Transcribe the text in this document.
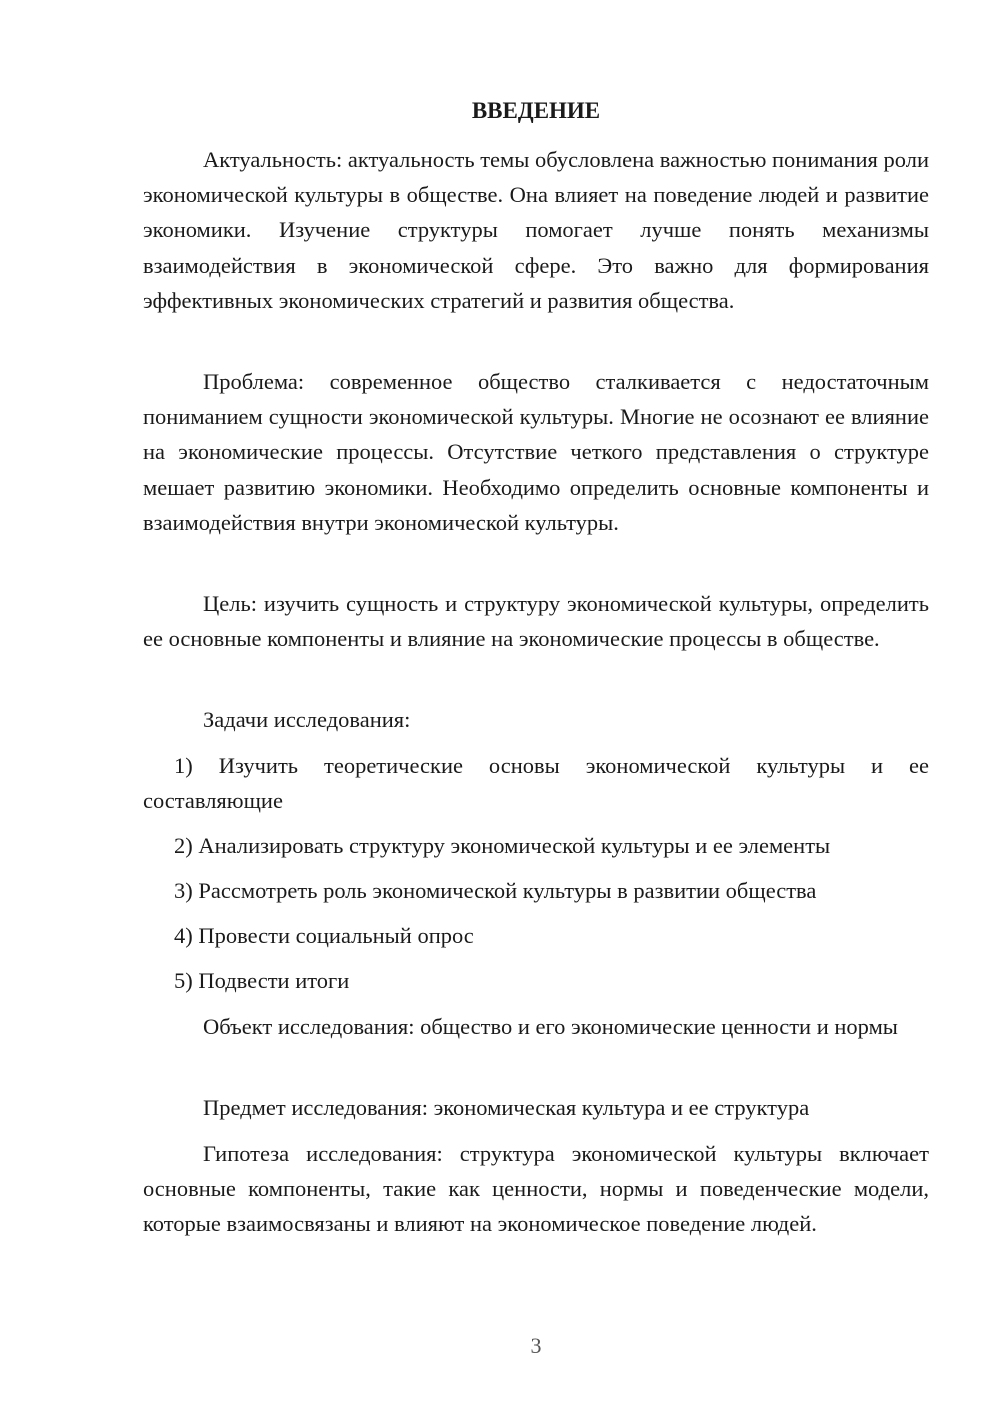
ВВЕДЕНИЕ

Актуальность: актуальность темы обусловлена важностью понимания роли экономической культуры в обществе. Она влияет на поведение людей и развитие экономики. Изучение структуры помогает лучше понять механизмы взаимодействия в экономической сфере. Это важно для формирования эффективных экономических стратегий и развития общества.

Проблема: современное общество сталкивается с недостаточным пониманием сущности экономической культуры. Многие не осознают ее влияние на экономические процессы. Отсутствие четкого представления о структуре мешает развитию экономики. Необходимо определить основные компоненты и взаимодействия внутри экономической культуры.

Цель: изучить сущность и структуру экономической культуры, определить ее основные компоненты и влияние на экономические процессы в обществе.

Задачи исследования:

1) Изучить теоретические основы экономической культуры и ее составляющие

2) Анализировать структуру экономической культуры и ее элементы

3) Рассмотреть роль экономической культуры в развитии общества

4) Провести социальный опрос

5) Подвести итоги

Объект исследования: общество и его экономические ценности и нормы

Предмет исследования: экономическая культура и ее структура

Гипотеза исследования: структура экономической культуры включает основные компоненты, такие как ценности, нормы и поведенческие модели, которые взаимосвязаны и влияют на экономическое поведение людей.

3
